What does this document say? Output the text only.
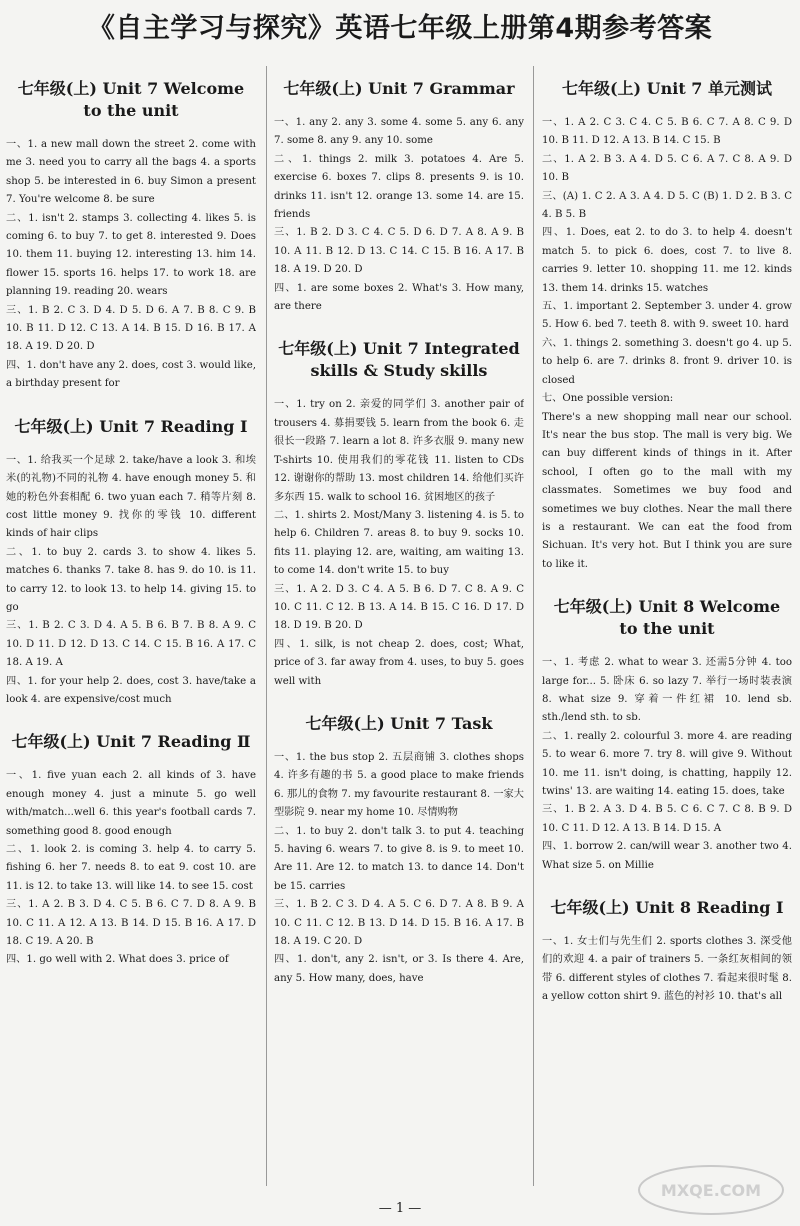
《自主学习与探究》英语七年级上册第4期参考答案
七年级(上) Unit 7 Welcome
to the unit
一、1. a new mall down the street 2. come with me 3. need you to carry all the bags 4. a sports shop 5. be interested in 6. buy Simon a present 7. You're welcome 8. be sure
二、1. isn't 2. stamps 3. collecting 4. likes 5. is coming 6. to buy 7. to get 8. interested 9. Does 10. them 11. buying 12. interesting 13. him 14. flower 15. sports 16. helps 17. to work 18. are planning 19. reading 20. wears
三、1. B 2. C 3. D 4. D 5. D 6. A 7. B 8. C 9. B 10. B 11. D 12. C 13. A 14. B 15. D 16. B 17. A 18. A 19. D 20. D
四、1. don't have any 2. does, cost 3. would like, a birthday present for
七年级(上) Unit 7 Reading Ⅰ
一、1. 给我买一个足球 2. take/have a look 3. 和埃米(的礼物)不同的礼物 4. have enough money 5. 和她的粉色外套相配 6. two yuan each 7. 稍等片刻 8. cost little money 9. 找你的零钱 10. different kinds of hair clips
二、1. to buy 2. cards 3. to show 4. likes 5. matches 6. thanks 7. take 8. has 9. do 10. is 11. to carry 12. to look 13. to help 14. giving 15. to go
三、1. B 2. C 3. D 4. A 5. B 6. B 7. B 8. A 9. C 10. D 11. D 12. D 13. C 14. C 15. B 16. A 17. C 18. A 19. A
四、1. for your help 2. does, cost 3. have/take a look 4. are expensive/cost much
七年级(上) Unit 7 Reading Ⅱ
一、1. five yuan each 2. all kinds of 3. have enough money 4. just a minute 5. go well with/match...well 6. this year's football cards 7. something good 8. good enough
二、1. look 2. is coming 3. help 4. to carry 5. fishing 6. her 7. needs 8. to eat 9. cost 10. are 11. is 12. to take 13. will like 14. to see 15. cost
三、1. A 2. B 3. D 4. C 5. B 6. C 7. D 8. A 9. B 10. C 11. A 12. A 13. B 14. D 15. B 16. A 17. D 18. C 19. A 20. B
四、1. go well with 2. What does 3. price of
七年级(上) Unit 7 Grammar
一、1. any 2. any 3. some 4. some 5. any 6. any 7. some 8. any 9. any 10. some
二、1. things 2. milk 3. potatoes 4. Are 5. exercise 6. boxes 7. clips 8. presents 9. is 10. drinks 11. isn't 12. orange 13. some 14. are 15. friends
三、1. B 2. D 3. C 4. C 5. D 6. D 7. A 8. A 9. B 10. A 11. B 12. D 13. C 14. C 15. B 16. A 17. B 18. A 19. D 20. D
四、1. are some boxes 2. What's 3. How many, are there
七年级(上) Unit 7 Integrated
skills & Study skills
一、1. try on 2. 亲爱的同学们 3. another pair of trousers 4. 募捐要钱 5. learn from the book 6. 走很长一段路 7. learn a lot 8. 许多衣服 9. many new T-shirts 10. 使用我们的零花钱 11. listen to CDs 12. 谢谢你的帮助 13. most children 14. 给他们买许多东西 15. walk to school 16. 贫困地区的孩子
二、1. shirts 2. Most/Many 3. listening 4. is 5. to help 6. Children 7. areas 8. to buy 9. socks 10. fits 11. playing 12. are, waiting, am waiting 13. to come 14. don't write 15. to buy
三、1. A 2. D 3. C 4. A 5. B 6. D 7. C 8. A 9. C 10. C 11. C 12. B 13. A 14. B 15. C 16. D 17. D 18. D 19. B 20. D
四、1. silk, is not cheap 2. does, cost; What, price of 3. far away from 4. uses, to buy 5. goes well with
七年级(上) Unit 7 Task
一、1. the bus stop 2. 五层商铺 3. clothes shops 4. 许多有趣的书 5. a good place to make friends 6. 那儿的食物 7. my favourite restaurant 8. 一家大型影院 9. near my home 10. 尽情购物
二、1. to buy 2. don't talk 3. to put 4. teaching 5. having 6. wears 7. to give 8. is 9. to meet 10. Are 11. Are 12. to match 13. to dance 14. Don't be 15. carries
三、1. B 2. C 3. D 4. A 5. C 6. D 7. A 8. B 9. A 10. C 11. C 12. B 13. D 14. D 15. B 16. A 17. B 18. A 19. C 20. D
四、1. don't, any 2. isn't, or 3. Is there 4. Are, any 5. How many, does, have
七年级(上) Unit 7 单元测试
一、1. A 2. C 3. C 4. C 5. B 6. C 7. A 8. C 9. D 10. B 11. D 12. A 13. B 14. C 15. B
二、1. A 2. B 3. A 4. D 5. C 6. A 7. C 8. A 9. D 10. B
三、(A) 1. C 2. A 3. A 4. D 5. C (B) 1. D 2. B 3. C 4. B 5. B
四、1. Does, eat 2. to do 3. to help 4. doesn't match 5. to pick 6. does, cost 7. to live 8. carries 9. letter 10. shopping 11. me 12. kinds 13. them 14. drinks 15. watches
五、1. important 2. September 3. under 4. grow 5. How 6. bed 7. teeth 8. with 9. sweet 10. hard
六、1. things 2. something 3. doesn't go 4. up 5. to help 6. are 7. drinks 8. front 9. driver 10. is closed
七、One possible version:
There's a new shopping mall near our school. It's near the bus stop. The mall is very big. We can buy different kinds of things in it. After school, I often go to the mall with my classmates. Sometimes we buy food and sometimes we buy clothes. Near the mall there is a restaurant. We can eat the food from Sichuan. It's very hot. But I think you are sure to like it.
七年级(上) Unit 8 Welcome
to the unit
一、1. 考虑 2. what to wear 3. 还需5分钟 4. too large for... 5. 卧床 6. so lazy 7. 举行一场时装表演 8. what size 9. 穿着一件红裙 10. lend sb. sth./lend sth. to sb.
二、1. really 2. colourful 3. more 4. are reading 5. to wear 6. more 7. try 8. will give 9. Without 10. me 11. isn't doing, is chatting, happily 12. twins' 13. are waiting 14. eating 15. does, take
三、1. B 2. A 3. D 4. B 5. C 6. C 7. C 8. B 9. D 10. C 11. D 12. A 13. B 14. D 15. A
四、1. borrow 2. can/will wear 3. another two 4. What size 5. on Millie
七年级(上) Unit 8 Reading Ⅰ
一、1. 女士们与先生们 2. sports clothes 3. 深受他们的欢迎 4. a pair of trainers 5. 一条红灰相间的领带 6. different styles of clothes 7. 看起来很时髦 8. a yellow cotton shirt 9. 蓝色的衬衫 10. that's all
— 1 —
MXQE.COM
